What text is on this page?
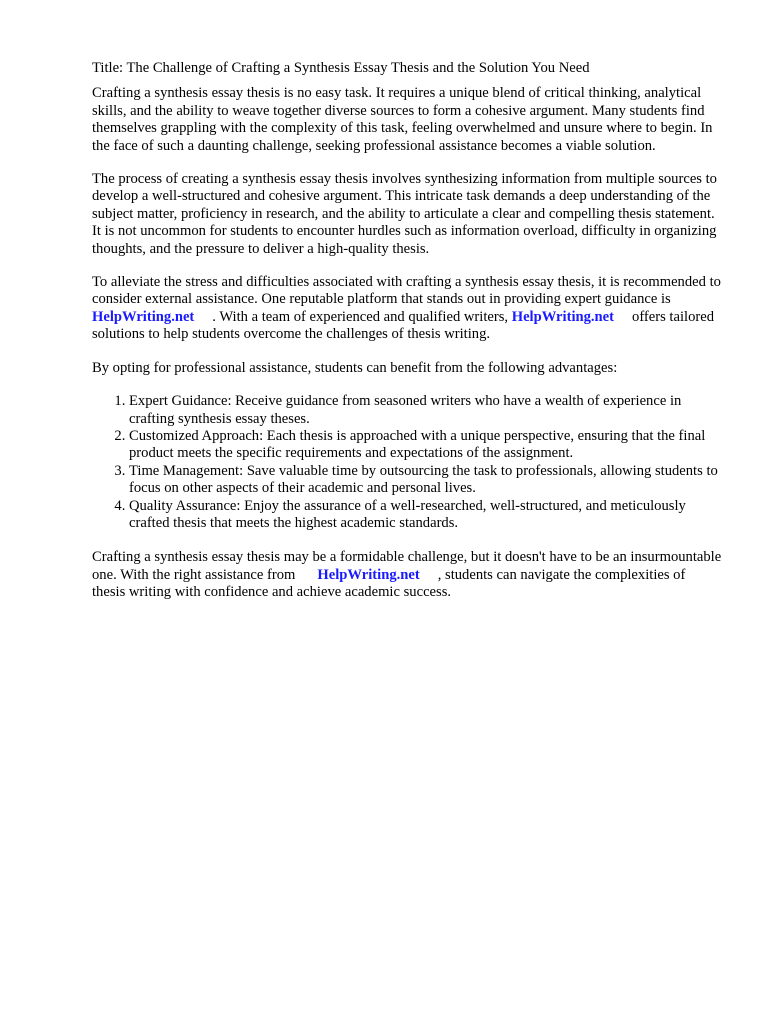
Title: The Challenge of Crafting a Synthesis Essay Thesis and the Solution You Need

Crafting a synthesis essay thesis is no easy task. It requires a unique blend of critical thinking, analytical skills, and the ability to weave together diverse sources to form a cohesive argument. Many students find themselves grappling with the complexity of this task, feeling overwhelmed and unsure where to begin. In the face of such a daunting challenge, seeking professional assistance becomes a viable solution.

The process of creating a synthesis essay thesis involves synthesizing information from multiple sources to develop a well-structured and cohesive argument. This intricate task demands a deep understanding of the subject matter, proficiency in research, and the ability to articulate a clear and compelling thesis statement. It is not uncommon for students to encounter hurdles such as information overload, difficulty in organizing thoughts, and the pressure to deliver a high-quality thesis.

To alleviate the stress and difficulties associated with crafting a synthesis essay thesis, it is recommended to consider external assistance. One reputable platform that stands out in providing expert guidance isHelpWriting.net . With a team of experienced and qualified writers, HelpWriting.net offers tailored solutions to help students overcome the challenges of thesis writing.

By opting for professional assistance, students can benefit from the following advantages:

1. Expert Guidance: Receive guidance from seasoned writers who have a wealth of experience in crafting synthesis essay theses.
2. Customized Approach: Each thesis is approached with a unique perspective, ensuring that the final product meets the specific requirements and expectations of the assignment.
3. Time Management: Save valuable time by outsourcing the task to professionals, allowing students to focus on other aspects of their academic and personal lives.
4. Quality Assurance: Enjoy the assurance of a well-researched, well-structured, and meticulously crafted thesis that meets the highest academic standards.

Crafting a synthesis essay thesis may be a formidable challenge, but it doesn't have to be an insurmountable one. With the right assistance from HelpWriting.net , students can navigate the complexities of thesis writing with confidence and achieve academic success.
